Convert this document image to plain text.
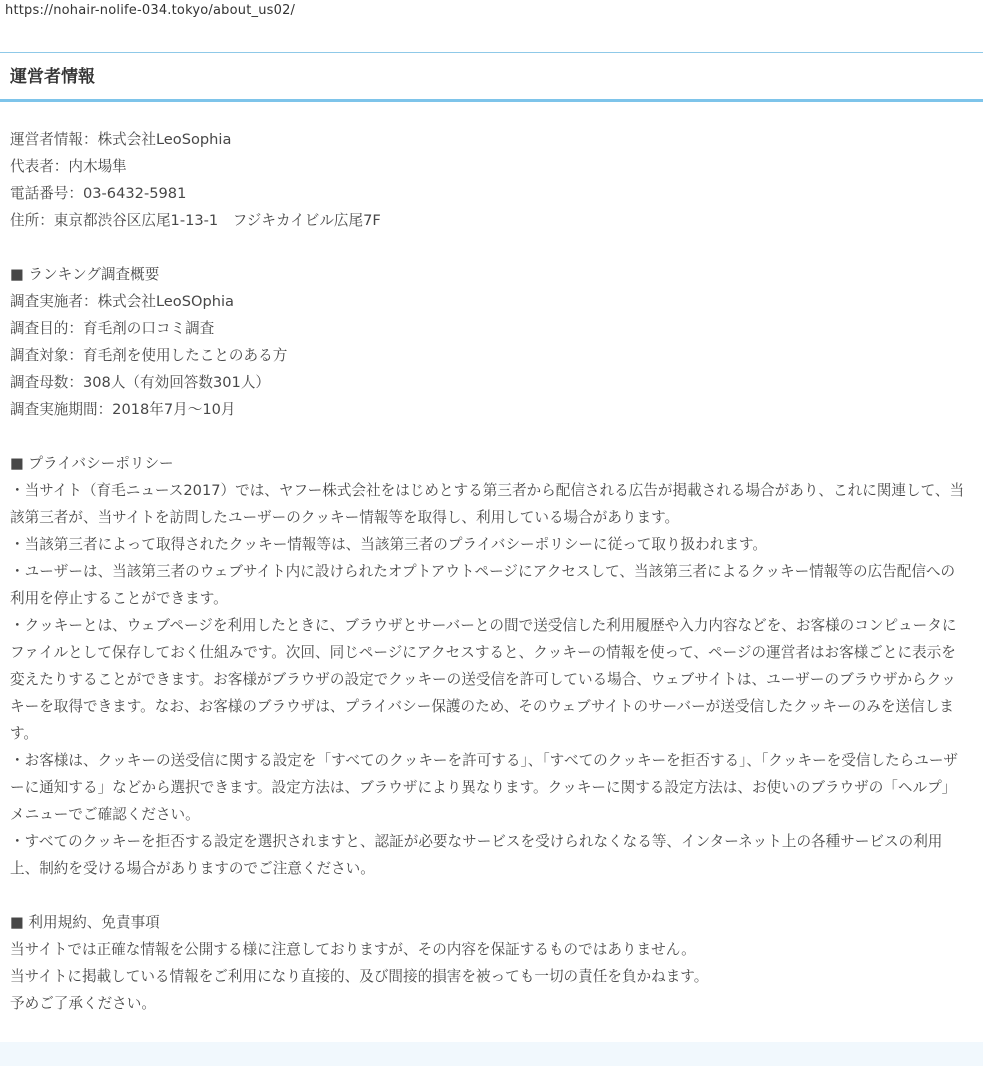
https://nohair-nolife-034.tokyo/about_us02/
運営者情報

運営者情報：株式会社LeoSophia

代表者：内木場隼

電話番号：03-6432-5981

住所：東京都渋谷区広尾1-13-1　フジキカイビル広尾7F

■ ランキング調査概要

調査実施者：株式会社LeoSOphia

調査目的：育毛剤の口コミ調査

調査対象：育毛剤を使用したことのある方

調査母数：308人（有効回答数301人）

調査実施期間：2018年7月～10月

■ プライバシーポリシー

・当サイト（育毛ニュース2017）では、ヤフー株式会社をはじめとする第三者から配信される広告が掲載される場合があり、これに関連して、当該第三者が、当サイトを訪問したユーザーのクッキー情報等を取得し、利用している場合があります。

・当該第三者によって取得されたクッキー情報等は、当該第三者のプライバシーポリシーに従って取り扱われます。

・ユーザーは、当該第三者のウェブサイト内に設けられたオプトアウトページにアクセスして、当該第三者によるクッキー情報等の広告配信への利用を停止することができます。

・クッキーとは、ウェブページを利用したときに、ブラウザとサーバーとの間で送受信した利用履歴や入力内容などを、お客様のコンピュータにファイルとして保存しておく仕組みです。次回、同じページにアクセスすると、クッキーの情報を使って、ページの運営者はお客様ごとに表示を変えたりすることができます。お客様がブラウザの設定でクッキーの送受信を許可している場合、ウェブサイトは、ユーザーのブラウザからクッキーを取得できます。なお、お客様のブラウザは、プライバシー保護のため、そのウェブサイトのサーバーが送受信したクッキーのみを送信します。

・お客様は、クッキーの送受信に関する設定を「すべてのクッキーを許可する」、「すべてのクッキーを拒否する」、「クッキーを受信したらユーザーに通知する」などから選択できます。設定方法は、ブラウザにより異なります。クッキーに関する設定方法は、お使いのブラウザの「ヘルプ」メニューでご確認ください。

・すべてのクッキーを拒否する設定を選択されますと、認証が必要なサービスを受けられなくなる等、インターネット上の各種サービスの利用上、制約を受ける場合がありますのでご注意ください。

■ 利用規約、免責事項

当サイトでは正確な情報を公開する様に注意しておりますが、その内容を保証するものではありません。

当サイトに掲載している情報をご利用になり直接的、及び間接的損害を被っても一切の責任を負かねます。

予めご了承ください。
